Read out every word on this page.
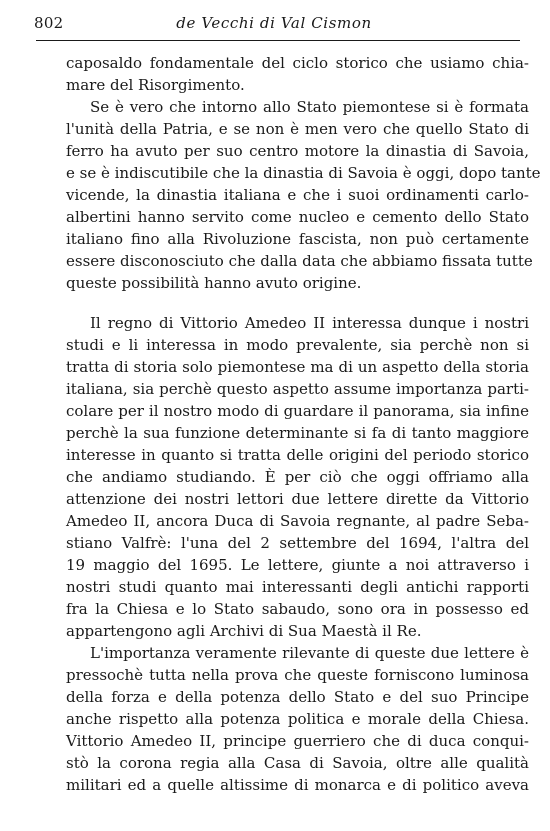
802	de Vecchi di Val Cismon
caposaldo fondamentale del ciclo storico che usiamo chia-
mare del Risorgimento.
Se è vero che intorno allo Stato piemontese si è formata
l'unità della Patria, e se non è men vero che quello Stato di
ferro ha avuto per suo centro motore la dinastia di Savoia,
e se è indiscutibile che la dinastia di Savoia è oggi, dopo tante
vicende, la dinastia italiana e che i suoi ordinamenti carlo-
albertini hanno servito come nucleo e cemento dello Stato
italiano fino alla Rivoluzione fascista, non può certamente
essere disconosciuto che dalla data che abbiamo fissata tutte
queste possibilità hanno avuto origine.
Il regno di Vittorio Amedeo II interessa dunque i nostri
studi e li interessa in modo prevalente, sia perchè non si
tratta di storia solo piemontese ma di un aspetto della storia
italiana, sia perchè questo aspetto assume importanza parti-
colare per il nostro modo di guardare il panorama, sia infine
perchè la sua funzione determinante si fa di tanto maggiore
interesse in quanto si tratta delle origini del periodo storico
che andiamo studiando. È per ciò che oggi offriamo alla
attenzione dei nostri lettori due lettere dirette da Vittorio
Amedeo II, ancora Duca di Savoia regnante, al padre Seba-
stiano Valfrè: l'una del 2 settembre del 1694, l'altra del
19 maggio del 1695. Le lettere, giunte a noi attraverso i
nostri studi quanto mai interessanti degli antichi rapporti
fra la Chiesa e lo Stato sabaudo, sono ora in possesso ed
appartengono agli Archivi di Sua Maestà il Re.
L'importanza veramente rilevante di queste due lettere è
pressochè tutta nella prova che queste forniscono luminosa
della forza e della potenza dello Stato e del suo Principe
anche rispetto alla potenza politica e morale della Chiesa.
Vittorio Amedeo II, principe guerriero che di duca conqui-
stò la corona regia alla Casa di Savoia, oltre alle qualità
militari ed a quelle altissime di monarca e di politico aveva
